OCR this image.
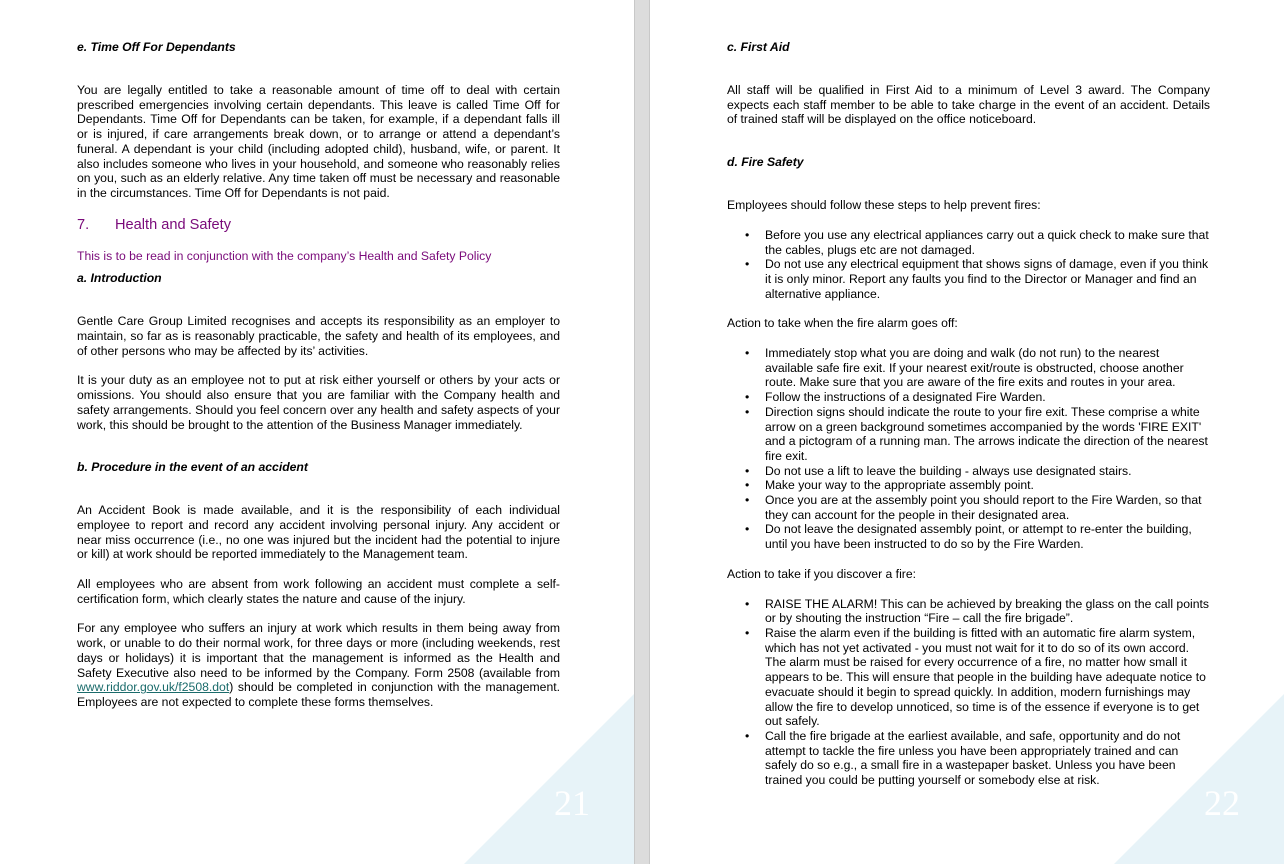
e. Time Off For Dependants

You are legally entitled to take a reasonable amount of time off to deal with certain prescribed emergencies involving certain dependants. This leave is called Time Off for Dependants. Time Off for Dependants can be taken, for example, if a dependant falls ill or is injured, if care arrangements break down, or to arrange or attend a dependant’s funeral. A dependant is your child (including adopted child), husband, wife, or parent. It also includes someone who lives in your household, and someone who reasonably relies on you, such as an elderly relative. Any time taken off must be necessary and reasonable in the circumstances. Time Off for Dependants is not paid.

7. Health and Safety

This is to be read in conjunction with the company’s Health and Safety Policy

a. Introduction

Gentle Care Group Limited recognises and accepts its responsibility as an employer to maintain, so far as is reasonably practicable, the safety and health of its employees, and of other persons who may be affected by its’ activities.

It is your duty as an employee not to put at risk either yourself or others by your acts or omissions. You should also ensure that you are familiar with the Company health and safety arrangements. Should you feel concern over any health and safety aspects of your work, this should be brought to the attention of the Business Manager immediately.

b. Procedure in the event of an accident

An Accident Book is made available, and it is the responsibility of each individual employee to report and record any accident involving personal injury. Any accident or near miss occurrence (i.e., no one was injured but the incident had the potential to injure or kill) at work should be reported immediately to the Management team.

All employees who are absent from work following an accident must complete a self-certification form, which clearly states the nature and cause of the injury.

For any employee who suffers an injury at work which results in them being away from work, or unable to do their normal work, for three days or more (including weekends, rest days or holidays) it is important that the management is informed as the Health and Safety Executive also need to be informed by the Company. Form 2508 (available from www.riddor.gov.uk/f2508.dot) should be completed in conjunction with the management. Employees are not expected to complete these forms themselves.

21

c. First Aid

All staff will be qualified in First Aid to a minimum of Level 3 award. The Company expects each staff member to be able to take charge in the event of an accident. Details of trained staff will be displayed on the office noticeboard.

d. Fire Safety

Employees should follow these steps to help prevent fires:

• Before you use any electrical appliances carry out a quick check to make sure that the cables, plugs etc are not damaged.
• Do not use any electrical equipment that shows signs of damage, even if you think it is only minor. Report any faults you find to the Director or Manager and find an alternative appliance.

Action to take when the fire alarm goes off:

• Immediately stop what you are doing and walk (do not run) to the nearest available safe fire exit. If your nearest exit/route is obstructed, choose another route. Make sure that you are aware of the fire exits and routes in your area.
• Follow the instructions of a designated Fire Warden.
• Direction signs should indicate the route to your fire exit. These comprise a white arrow on a green background sometimes accompanied by the words 'FIRE EXIT' and a pictogram of a running man. The arrows indicate the direction of the nearest fire exit.
• Do not use a lift to leave the building - always use designated stairs.
• Make your way to the appropriate assembly point.
• Once you are at the assembly point you should report to the Fire Warden, so that they can account for the people in their designated area.
• Do not leave the designated assembly point, or attempt to re-enter the building, until you have been instructed to do so by the Fire Warden.

Action to take if you discover a fire:

• RAISE THE ALARM! This can be achieved by breaking the glass on the call points or by shouting the instruction “Fire – call the fire brigade”.
• Raise the alarm even if the building is fitted with an automatic fire alarm system, which has not yet activated - you must not wait for it to do so of its own accord. The alarm must be raised for every occurrence of a fire, no matter how small it appears to be. This will ensure that people in the building have adequate notice to evacuate should it begin to spread quickly. In addition, modern furnishings may allow the fire to develop unnoticed, so time is of the essence if everyone is to get out safely.
• Call the fire brigade at the earliest available, and safe, opportunity and do not attempt to tackle the fire unless you have been appropriately trained and can safely do so e.g., a small fire in a wastepaper basket. Unless you have been trained you could be putting yourself or somebody else at risk.
22
